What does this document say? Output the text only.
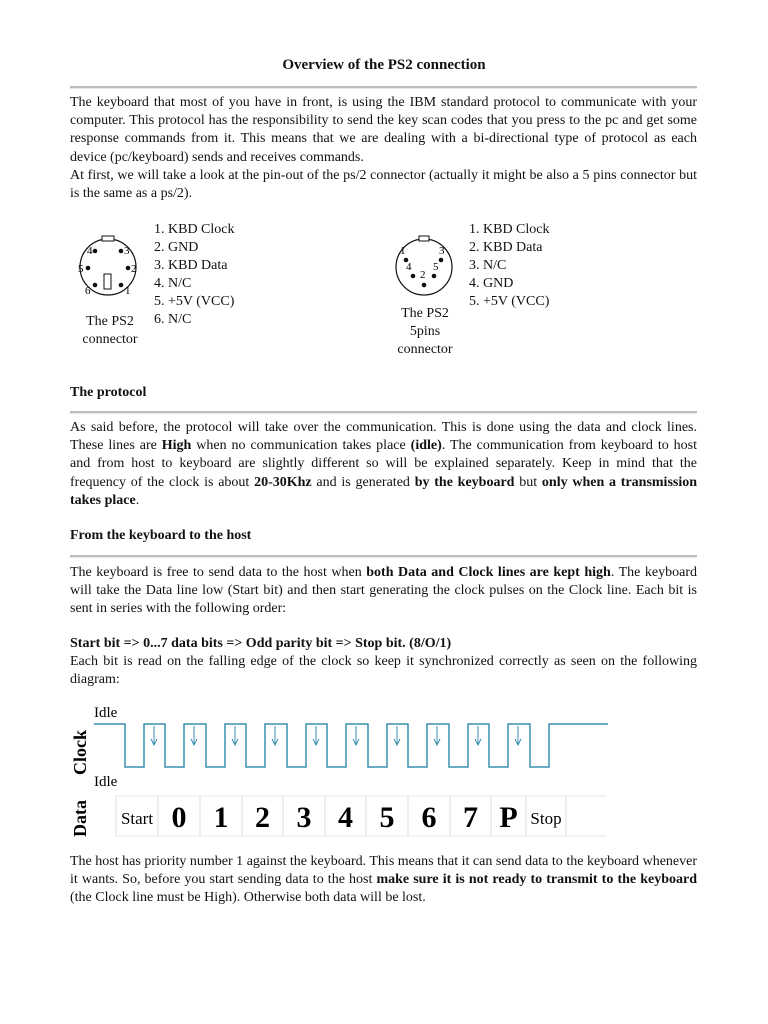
Overview of the PS2 connection
The keyboard that most of you have in front, is using the IBM standard protocol to communicate with your computer. This protocol has the responsibility to send the key scan codes that you press to the pc and get some response commands from it. This means that we are dealing with a bi-directional type of protocol as each device (pc/keyboard) sends and receives commands.
At first, we will take a look at the pin-out of the ps/2 connector (actually it might be also a 5 pins connector but is the same as a ps/2).
4	3
5	2
6	1
The PS2
connector
1. KBD Clock
2. GND
3. KBD Data
4. N/C
5. +5V (VCC)
6. N/C
1	3
4 5
2
The PS2
5pins
connector
1. KBD Clock
2. KBD Data
3. N/C
4. GND
5. +5V (VCC)
The protocol
As said before, the protocol will take over the communication. This is done using the data and clock lines. These lines are High when no communication takes place (idle). The communication from keyboard to host and from host to keyboard are slightly different so will be explained separately. Keep in mind that the frequency of the clock is about 20-30Khz and is generated by the keyboard but only when a transmission takes place.
From the keyboard to the host
The keyboard is free to send data to the host when both Data and Clock lines are kept high. The keyboard will take the Data line low (Start bit) and then start generating the clock pulses on the Clock line. Each bit is sent in series with the following order:
Start bit => 0...7 data bits => Odd parity bit => Stop bit. (8/O/1)
Each bit is read on the falling edge of the clock so keep it synchronized correctly as seen on the following diagram:
Clock
Data
Idle
Idle
Start 0 1 2 3 4 5 6 7 P Stop
The host has priority number 1 against the keyboard. This means that it can send data to the keyboard whenever it wants. So, before you start sending data to the host make sure it is not ready to transmit to the keyboard (the Clock line must be High). Otherwise both data will be lost.
